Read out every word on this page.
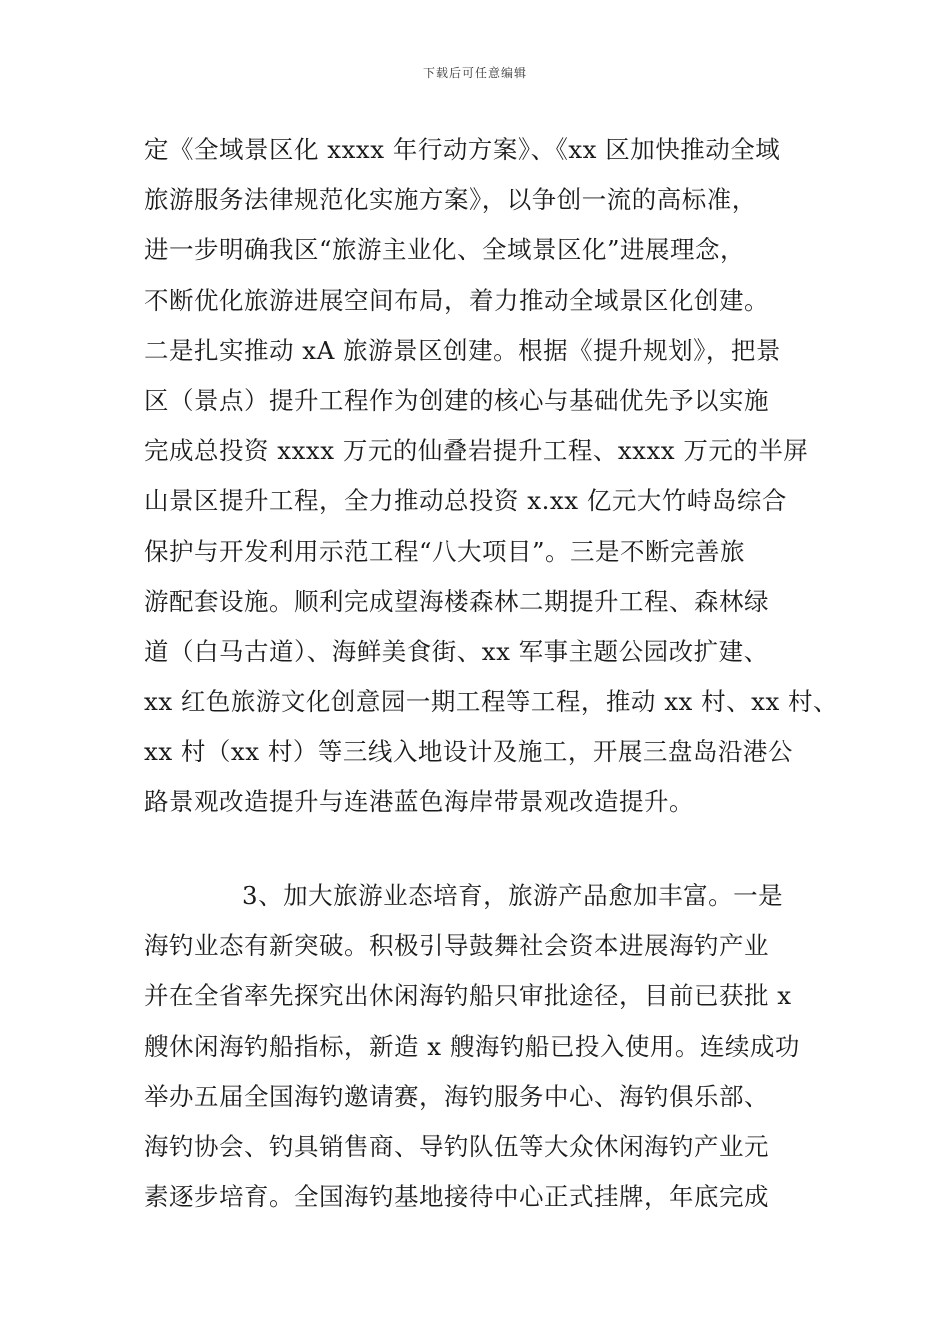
下载后可任意编辑
定《全域景区化 xxxx 年行动方案》、《xx 区加快推动全域
旅游服务法律规范化实施方案》，以争创一流的高标准，
进一步明确我区“旅游主业化、全域景区化”进展理念，
不断优化旅游进展空间布局，着力推动全域景区化创建。
二是扎实推动 xA 旅游景区创建。根据《提升规划》，把景
区（景点）提升工程作为创建的核心与基础优先予以实施
完成总投资 xxxx 万元的仙叠岩提升工程、xxxx 万元的半屏
山景区提升工程，全力推动总投资 x.xx 亿元大竹峙岛综合
保护与开发利用示范工程“八大项目”。三是不断完善旅
游配套设施。顺利完成望海楼森林二期提升工程、森林绿
道（白马古道）、海鲜美食街、xx 军事主题公园改扩建、
xx 红色旅游文化创意园一期工程等工程，推动 xx 村、xx 村、
xx 村（xx 村）等三线入地设计及施工，开展三盘岛沿港公
路景观改造提升与连港蓝色海岸带景观改造提升。
3、加大旅游业态培育，旅游产品愈加丰富。一是
海钓业态有新突破。积极引导鼓舞社会资本进展海钓产业
并在全省率先探究出休闲海钓船只审批途径，目前已获批 x
艘休闲海钓船指标，新造 x 艘海钓船已投入使用。连续成功
举办五届全国海钓邀请赛，海钓服务中心、海钓俱乐部、
海钓协会、钓具销售商、导钓队伍等大众休闲海钓产业元
素逐步培育。全国海钓基地接待中心正式挂牌，年底完成
